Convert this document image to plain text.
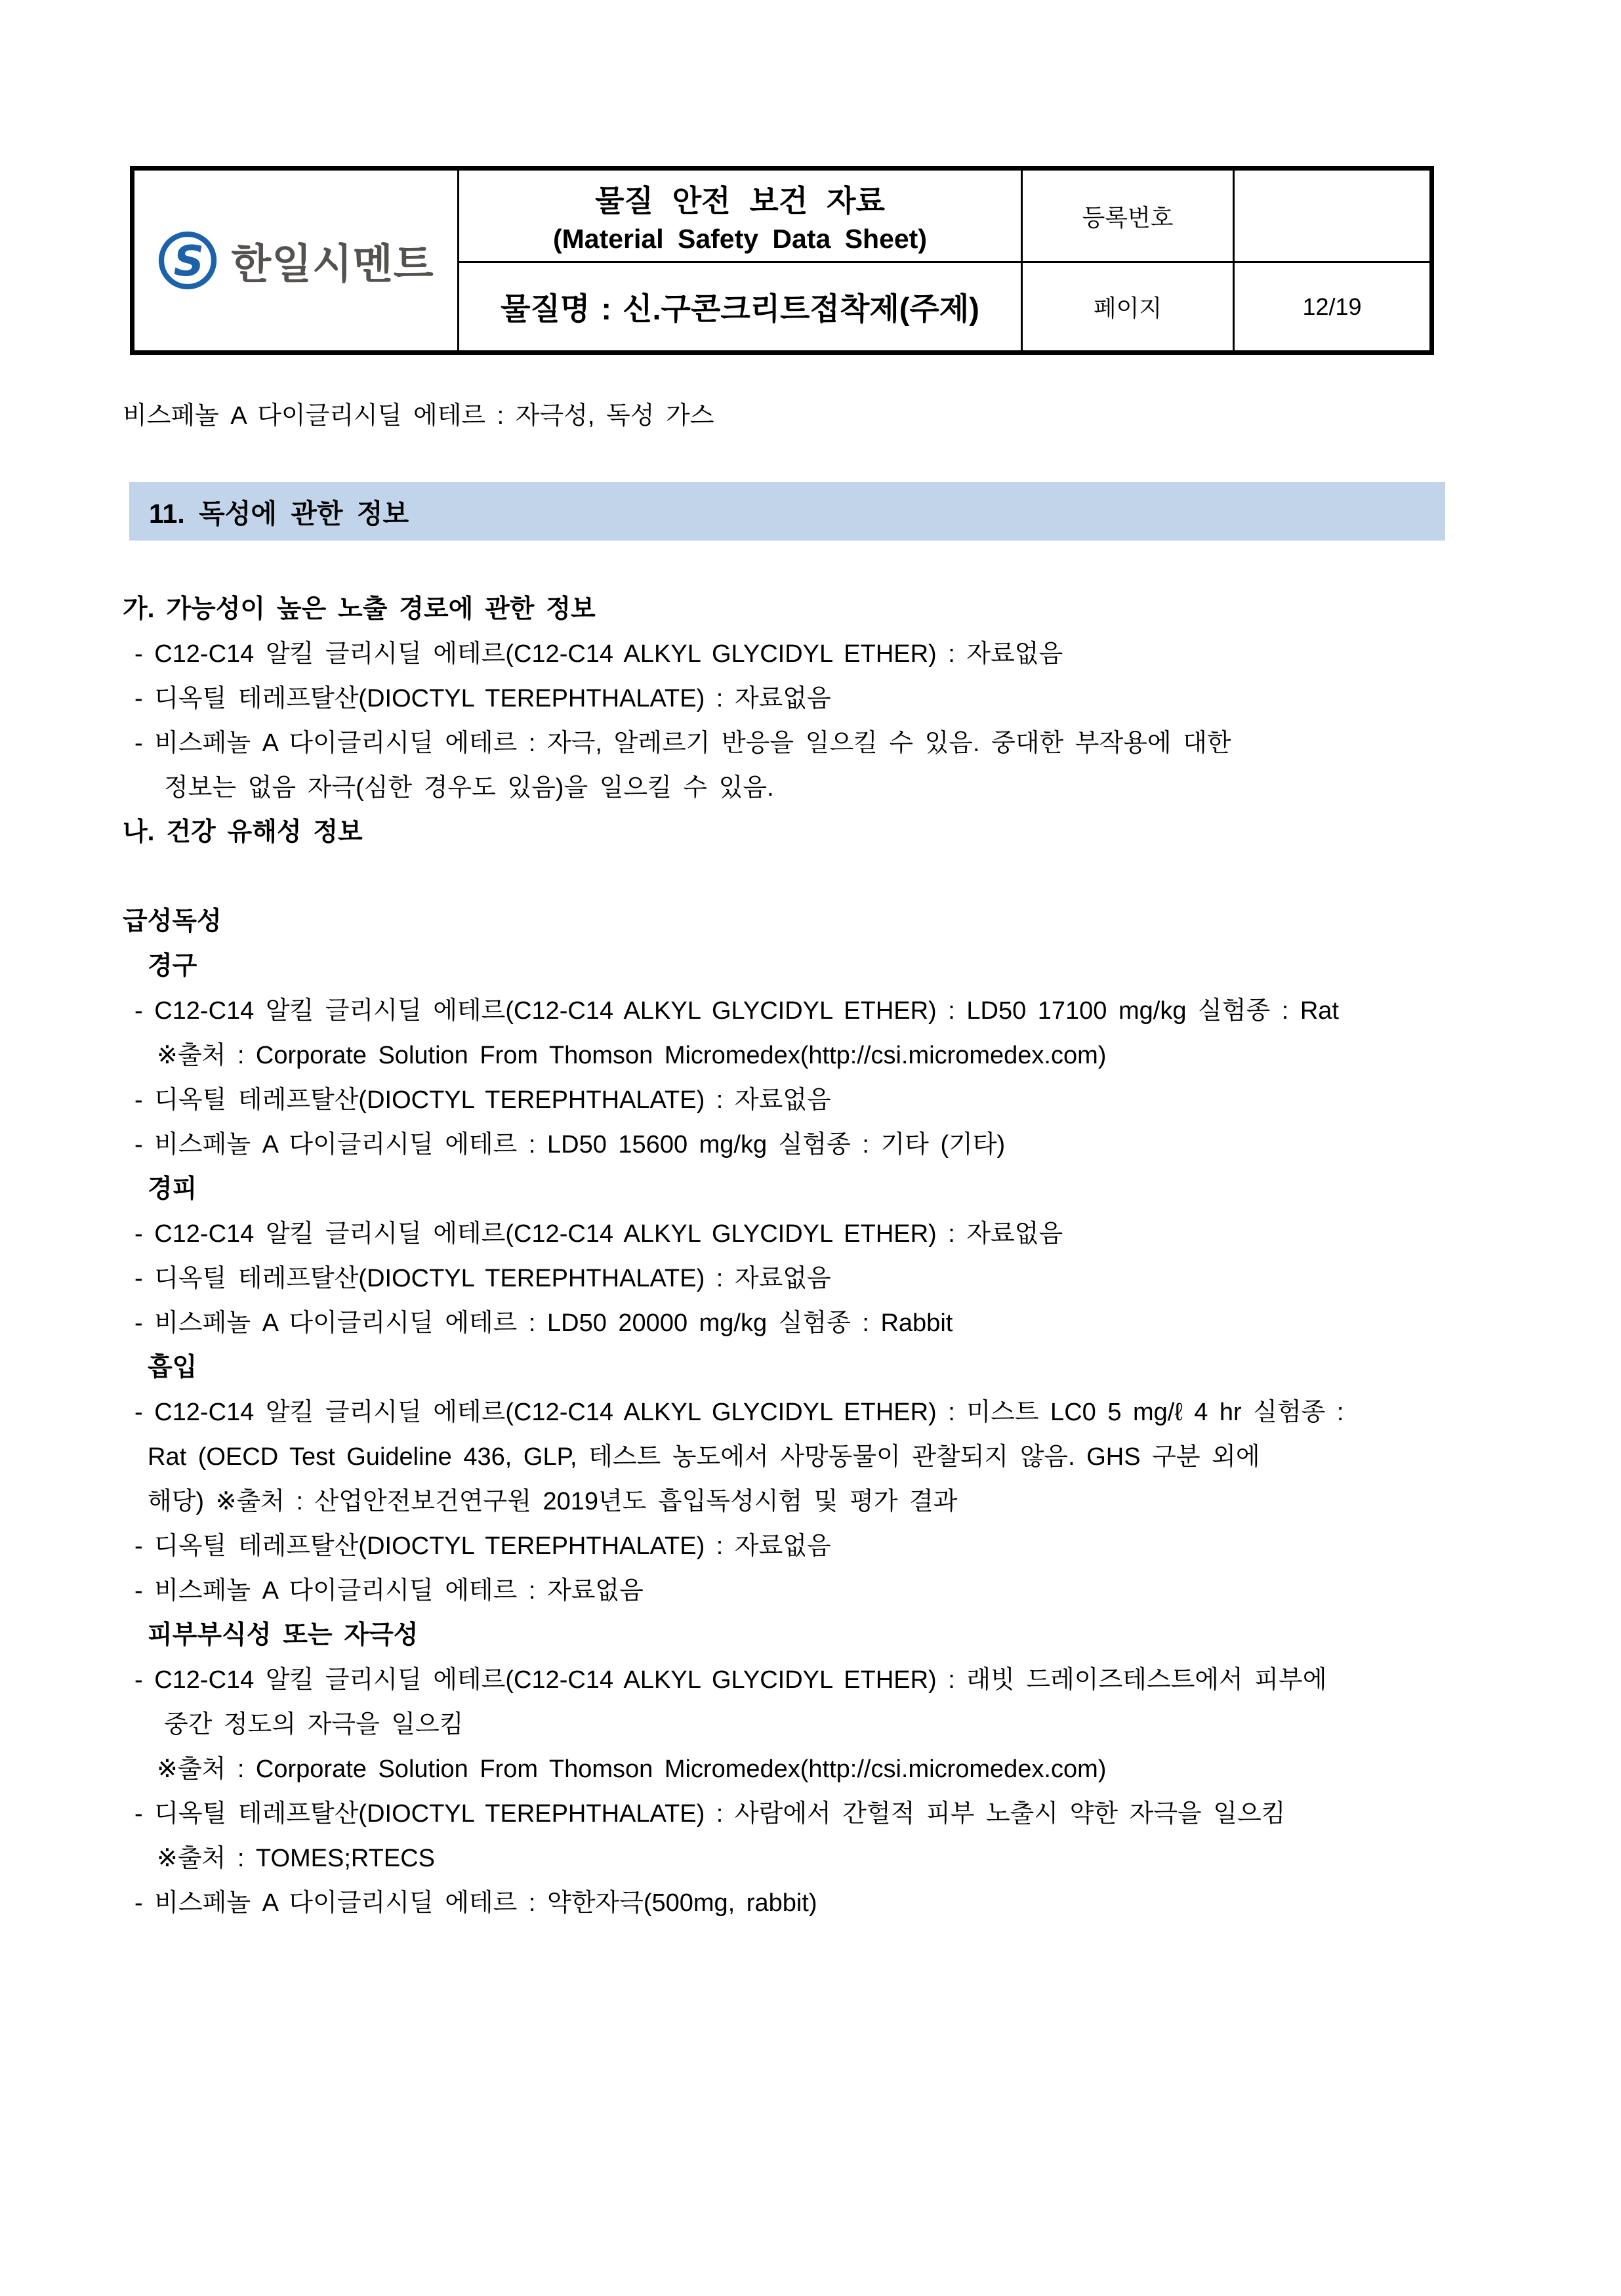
S 한일시멘트
물질 안전 보건 자료
(Material Safety Data Sheet)
등록번호
물질명 : 신.구콘크리트접착제(주제)	페이지	12/19
비스페놀 A 다이글리시딜 에테르 : 자극성, 독성 가스
11. 독성에 관한 정보
가. 가능성이 높은 노출 경로에 관한 정보
- C12-C14 알킬 글리시딜 에테르(C12-C14 ALKYL GLYCIDYL ETHER) : 자료없음
- 디옥틸 테레프탈산(DIOCTYL TEREPHTHALATE) : 자료없음
- 비스페놀 A 다이글리시딜 에테르 : 자극, 알레르기 반응을 일으킬 수 있음. 중대한 부작용에 대한
정보는 없음 자극(심한 경우도 있음)을 일으킬 수 있음.
나. 건강 유해성 정보
급성독성
경구
- C12-C14 알킬 글리시딜 에테르(C12-C14 ALKYL GLYCIDYL ETHER) : LD50 17100 mg/kg 실험종 : Rat
※출처 : Corporate Solution From Thomson Micromedex(http://csi.micromedex.com)
- 디옥틸 테레프탈산(DIOCTYL TEREPHTHALATE) : 자료없음
- 비스페놀 A 다이글리시딜 에테르 : LD50 15600 mg/kg 실험종 : 기타 (기타)
경피
- C12-C14 알킬 글리시딜 에테르(C12-C14 ALKYL GLYCIDYL ETHER) : 자료없음
- 디옥틸 테레프탈산(DIOCTYL TEREPHTHALATE) : 자료없음
- 비스페놀 A 다이글리시딜 에테르 : LD50 20000 mg/kg 실험종 : Rabbit
흡입
- C12-C14 알킬 글리시딜 에테르(C12-C14 ALKYL GLYCIDYL ETHER) : 미스트 LC0 5 mg/ℓ 4 hr 실험종 :
Rat (OECD Test Guideline 436, GLP, 테스트 농도에서 사망동물이 관찰되지 않음. GHS 구분 외에
해당) ※출처 : 산업안전보건연구원 2019년도 흡입독성시험 및 평가 결과
- 디옥틸 테레프탈산(DIOCTYL TEREPHTHALATE) : 자료없음
- 비스페놀 A 다이글리시딜 에테르 : 자료없음
피부부식성 또는 자극성
- C12-C14 알킬 글리시딜 에테르(C12-C14 ALKYL GLYCIDYL ETHER) : 래빗 드레이즈테스트에서 피부에
중간 정도의 자극을 일으킴
※출처 : Corporate Solution From Thomson Micromedex(http://csi.micromedex.com)
- 디옥틸 테레프탈산(DIOCTYL TEREPHTHALATE) : 사람에서 간헐적 피부 노출시 약한 자극을 일으킴
※출처 : TOMES;RTECS
- 비스페놀 A 다이글리시딜 에테르 : 약한자극(500mg, rabbit)
